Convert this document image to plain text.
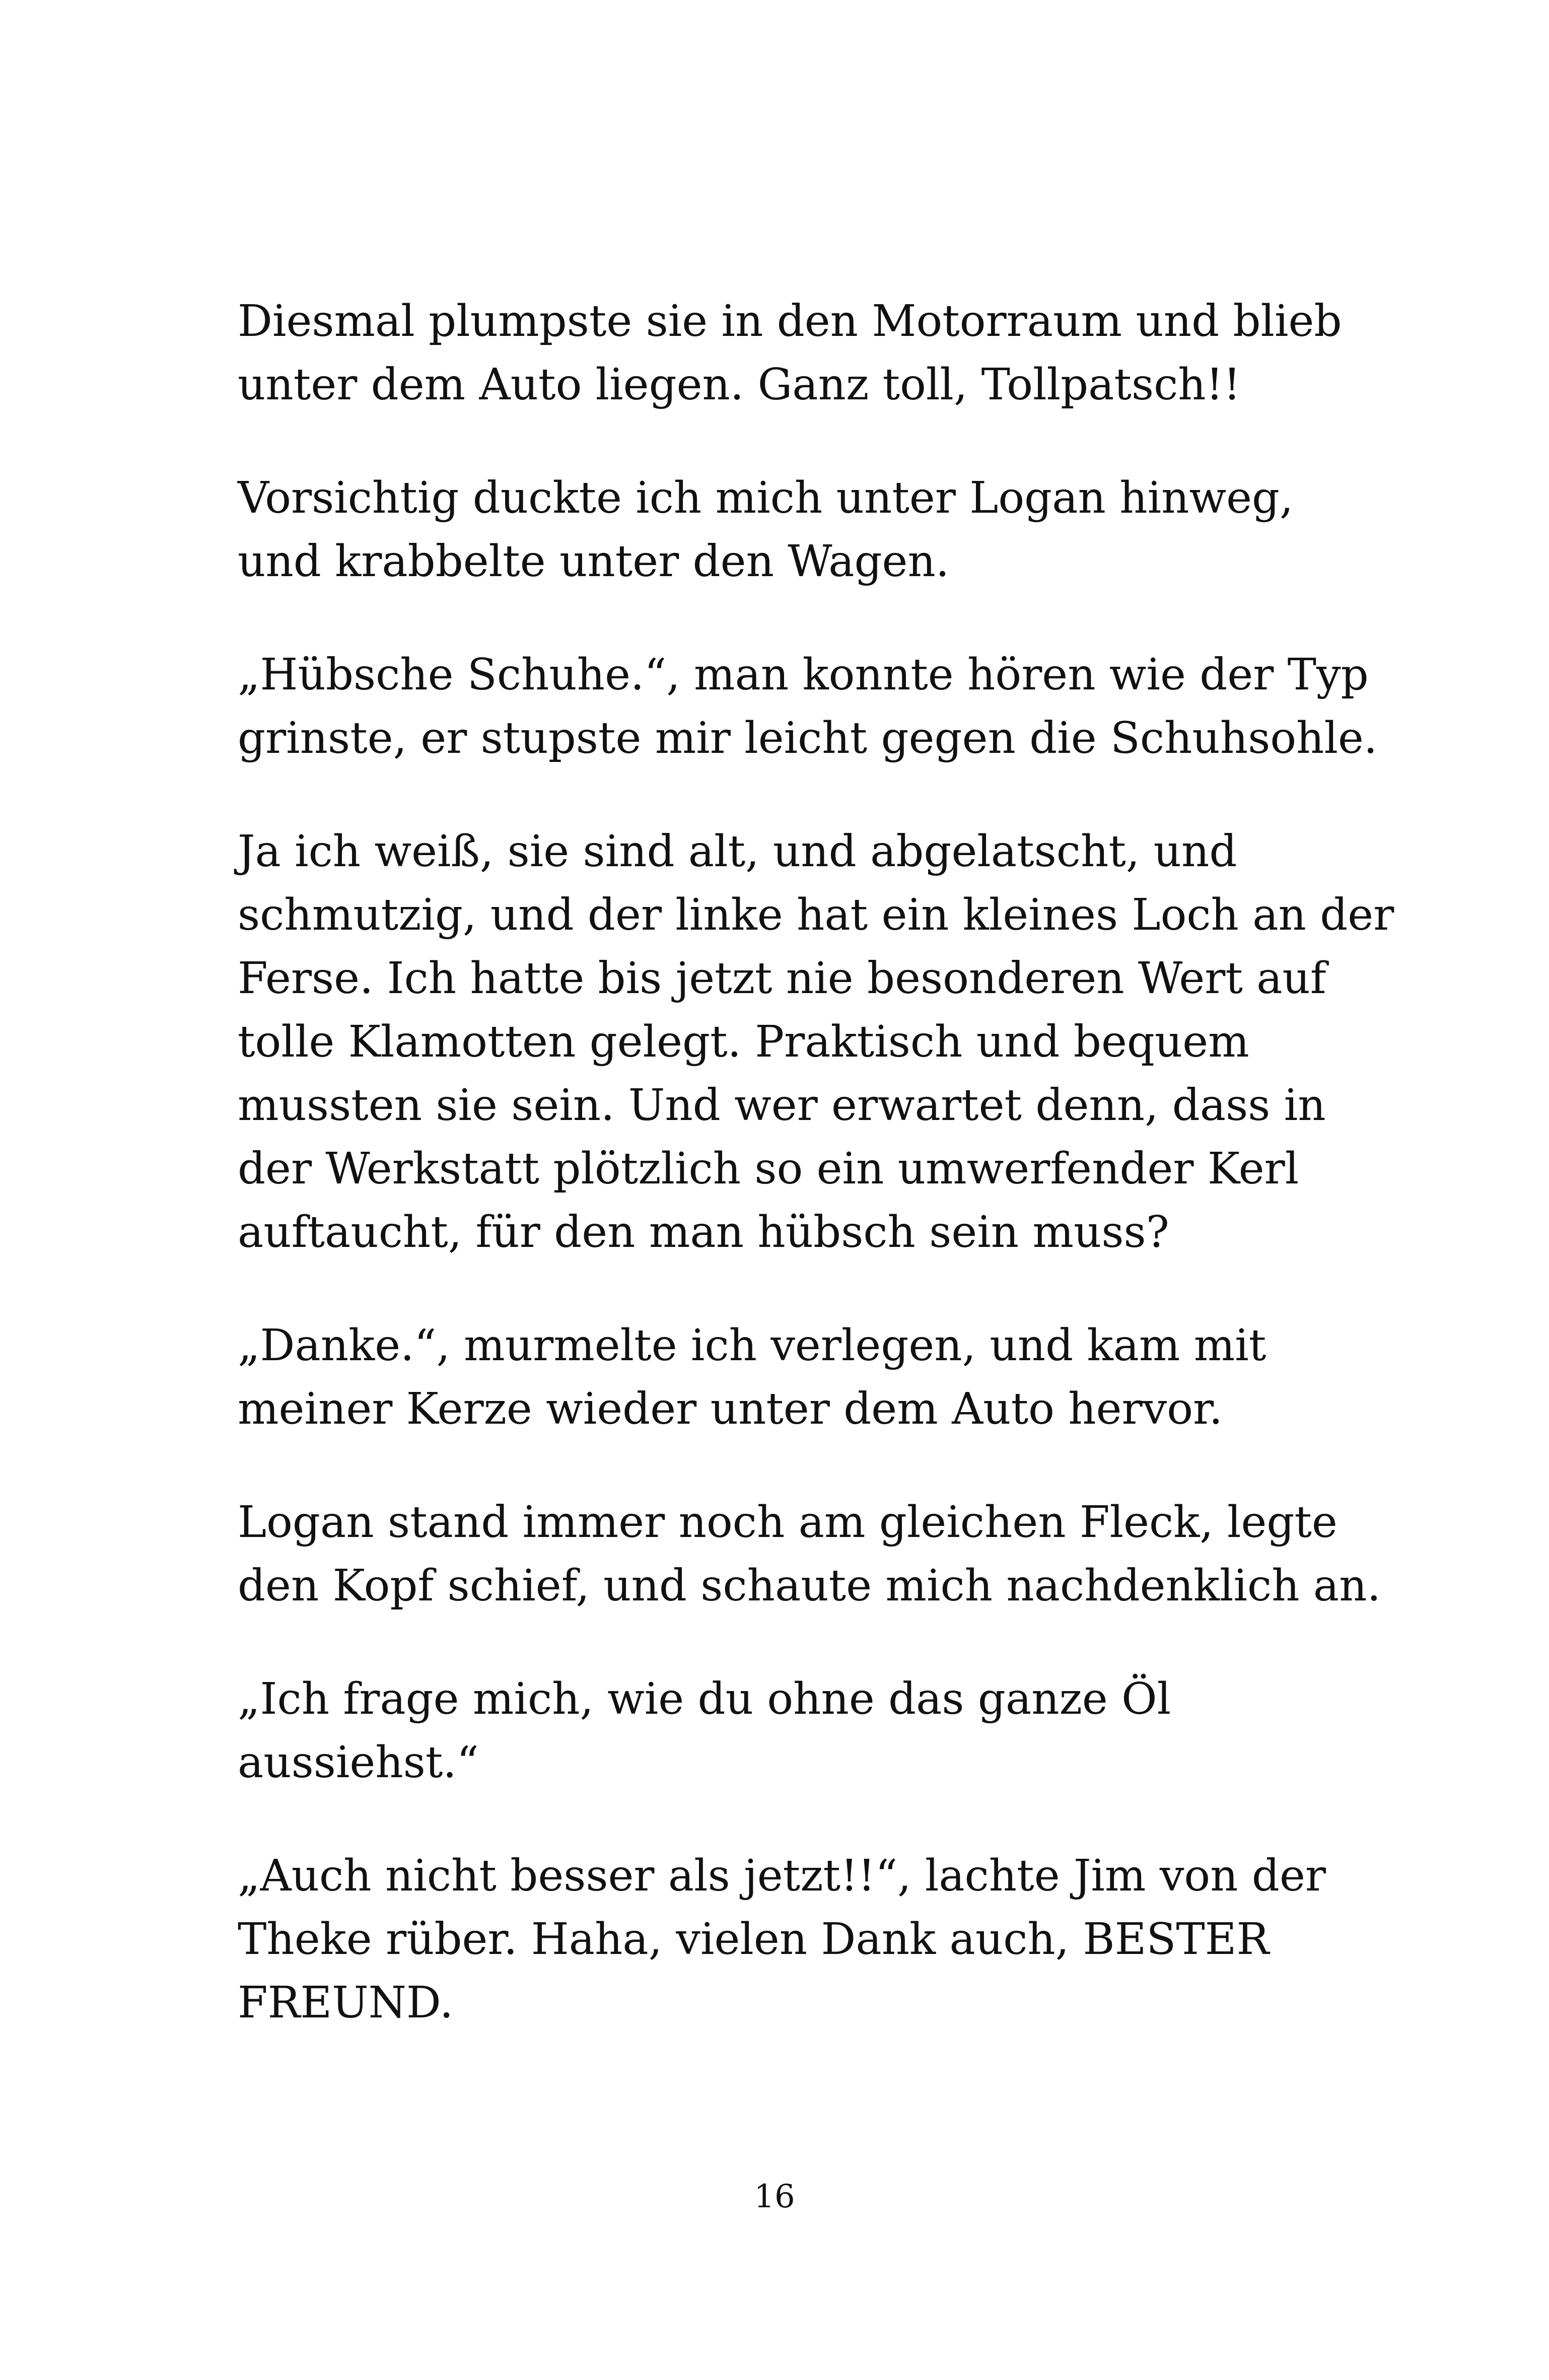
Diesmal plumpste sie in den Motorraum und blieb
unter dem Auto liegen. Ganz toll, Tollpatsch!!

Vorsichtig duckte ich mich unter Logan hinweg,
und krabbelte unter den Wagen.

„Hübsche Schuhe.“, man konnte hören wie der Typ
grinste, er stupste mir leicht gegen die Schuhsohle.

Ja ich weiß, sie sind alt, und abgelatscht, und
schmutzig, und der linke hat ein kleines Loch an der
Ferse. Ich hatte bis jetzt nie besonderen Wert auf
tolle Klamotten gelegt. Praktisch und bequem
mussten sie sein. Und wer erwartet denn, dass in
der Werkstatt plötzlich so ein umwerfender Kerl
auftaucht, für den man hübsch sein muss?

„Danke.“, murmelte ich verlegen, und kam mit
meiner Kerze wieder unter dem Auto hervor.

Logan stand immer noch am gleichen Fleck, legte
den Kopf schief, und schaute mich nachdenklich an.

„Ich frage mich, wie du ohne das ganze Öl
aussiehst.“

„Auch nicht besser als jetzt!!“, lachte Jim von der
Theke rüber. Haha, vielen Dank auch, BESTER
FREUND.

16
